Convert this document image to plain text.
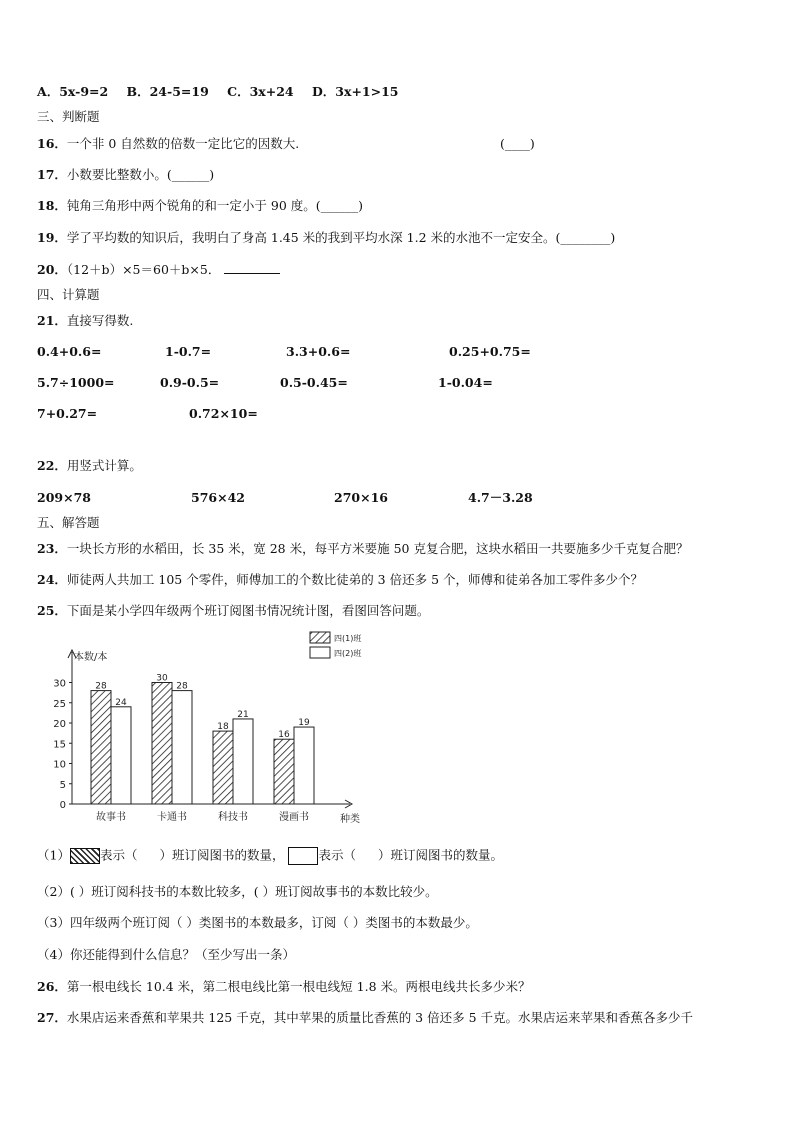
A．5x-9=2 B．24-5=19 C．3x+24 D．3x+1>15
三、判断题
16．一个非 0 自然数的倍数一定比它的因数大.	(____)
17．小数要比整数小。(______)
18．钝角三角形中两个锐角的和一定小于 90 度。(______)
19．学了平均数的知识后，我明白了身高 1.45 米的我到平均水深 1.2 米的水池不一定安全。(________)
20．（12＋b）×5＝60＋b×5．
四、计算题
21．直接写得数.
0.4+0.6=	1-0.7=	3.3+0.6=	0.25+0.75=
5.7÷1000=	0.9-0.5=	0.5-0.45=	1-0.04=
7+0.27=	0.72×10=
22．用竖式计算。
209×78	576×42	270×16	4.7－3.28
五、解答题
23．一块长方形的水稻田，长 35 米，宽 28 米，每平方米要施 50 克复合肥，这块水稻田一共要施多少千克复合肥？
24．师徒两人共加工 105 个零件，师傅加工的个数比徒弟的 3 倍还多 5 个，师傅和徒弟各加工零件多少个？
25．下面是某小学四年级两个班订阅图书情况统计图，看图回答问题。
本数/本
种类
0
5
10
15
20
25
30	28
24
故事书
30
28
卡通书
18
21
科技书
16
19
漫画书
四(1)班
四(2)班
（1） 表示（ ）班订阅图书的数量，	表示（ ）班订阅图书的数量。
（2）( ）班订阅科技书的本数比较多，( ）班订阅故事书的本数比较少。
（3）四年级两个班订阅（ ）类图书的本数最多，订阅（ ）类图书的本数最少。
（4）你还能得到什么信息？（至少写出一条）
26．第一根电线长 10.4 米，第二根电线比第一根电线短 1.8 米。两根电线共长多少米？
27．水果店运来香蕉和苹果共 125 千克，其中苹果的质量比香蕉的 3 倍还多 5 千克。水果店运来苹果和香蕉各多少千
